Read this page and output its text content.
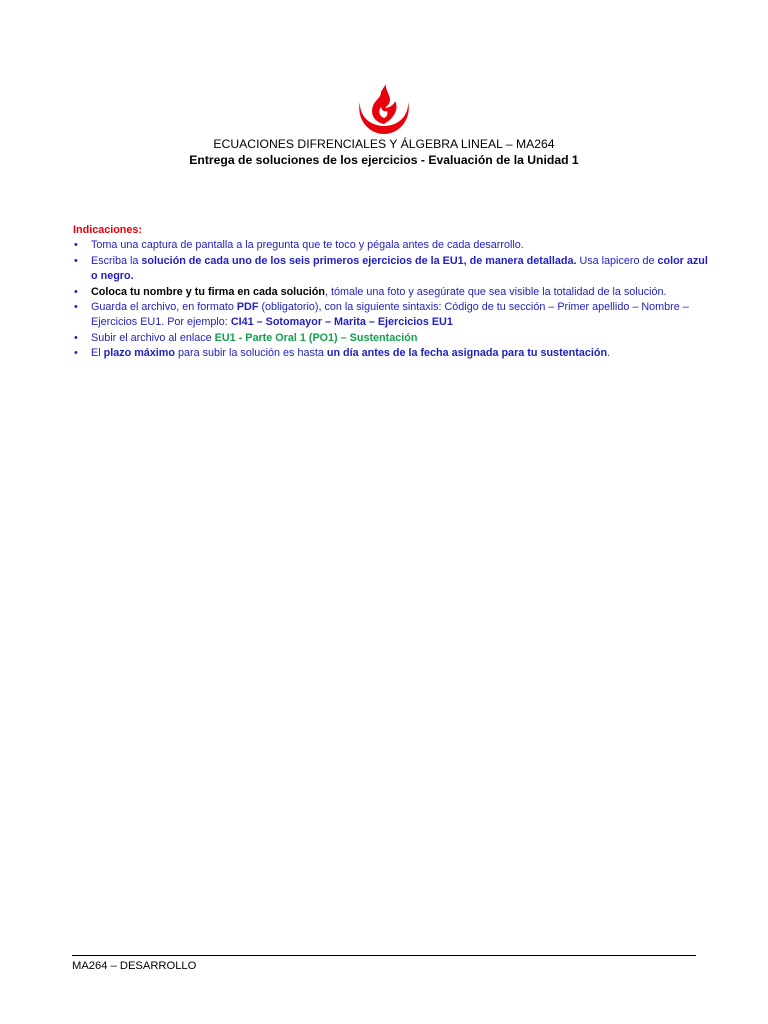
ECUACIONES DIFRENCIALES Y ÁLGEBRA LINEAL – MA264
Entrega de soluciones de los ejercicios - Evaluación de la Unidad 1
Indicaciones:
• Toma una captura de pantalla a la pregunta que te toco y pégala antes de cada desarrollo.
• Escriba la solución de cada uno de los seis primeros ejercicios de la EU1, de manera detallada. Usa lapicero de color azul o negro.
• Coloca tu nombre y tu firma en cada solución, tómale una foto y asegúrate que sea visible la totalidad de la solución.
• Guarda el archivo, en formato PDF (obligatorio), con la siguiente sintaxis: Código de tu sección – Primer apellido – Nombre – Ejercicios EU1. Por ejemplo: CI41 – Sotomayor – Marita – Ejercicios EU1
• Subir el archivo al enlace EU1 - Parte Oral 1 (PO1) – Sustentación
• El plazo máximo para subir la solución es hasta un día antes de la fecha asignada para tu sustentación.
MA264 – DESARROLLO
